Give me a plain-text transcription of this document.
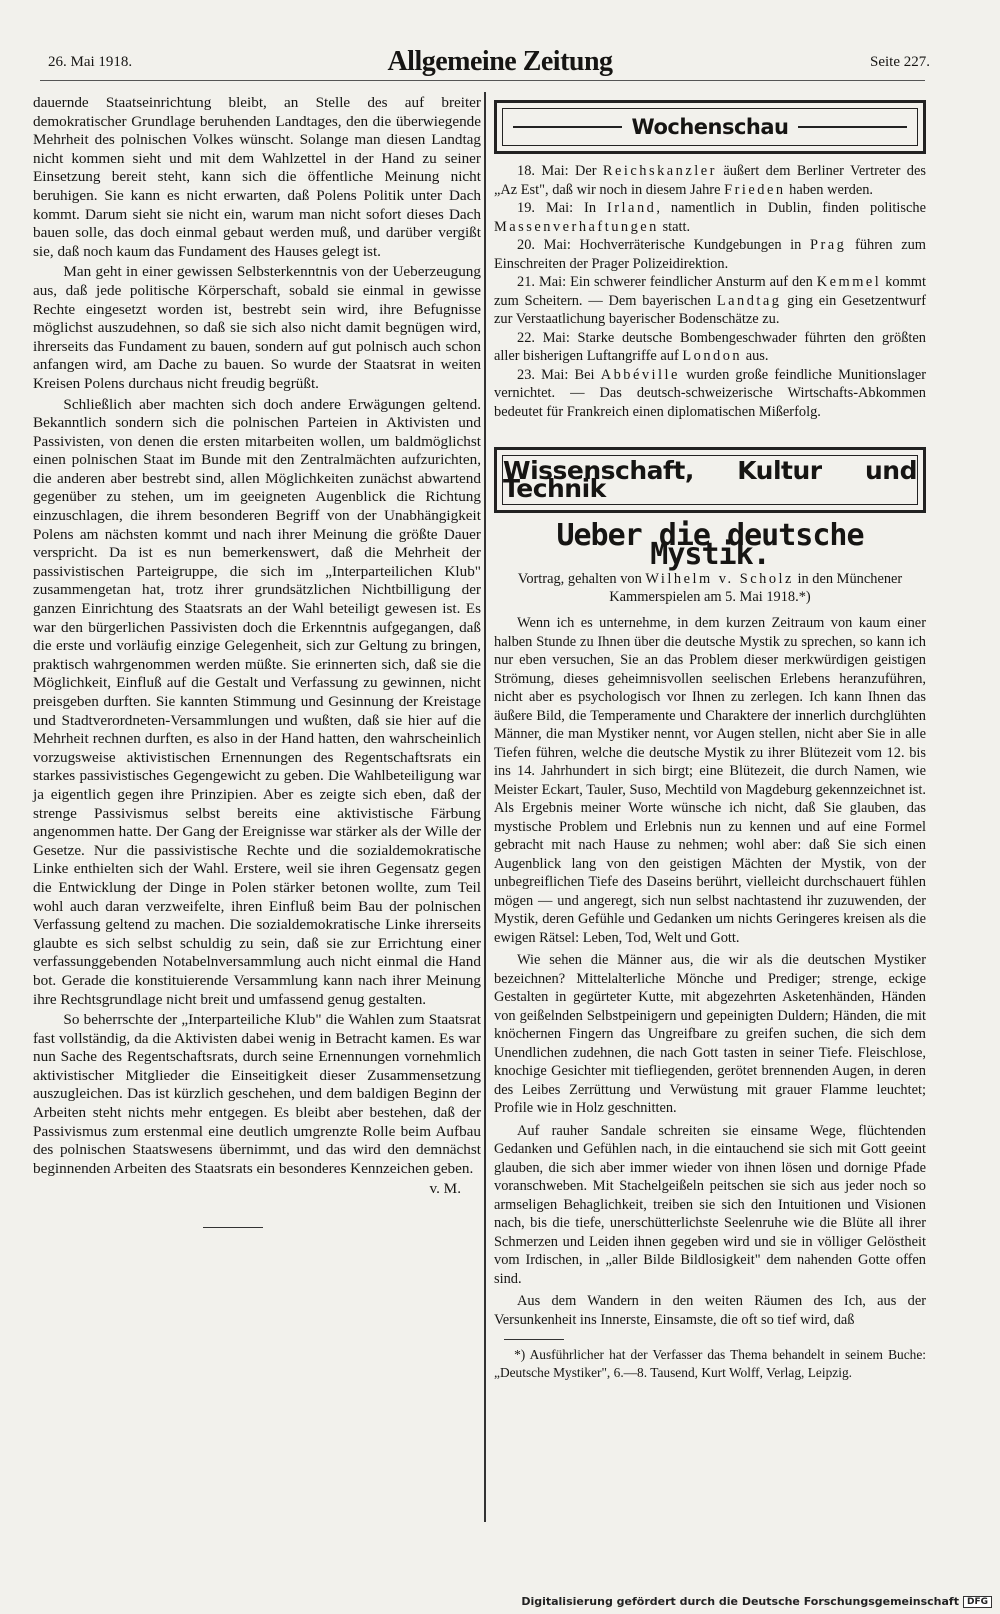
26. Mai 1918.	Allgemeine Zeitung	Seite 227.

dauernde Staatseinrichtung bleibt, an Stelle des auf breiter demokratischer Grundlage beruhenden Landtages, den die überwiegende Mehrheit des polnischen Volkes wünscht. Solange man diesen Landtag nicht kommen sieht und mit dem Wahlzettel in der Hand zu seiner Einsetzung bereit steht, kann sich die öffentliche Meinung nicht beruhigen. Sie kann es nicht erwarten, daß Polens Politik unter Dach kommt. Darum sieht sie nicht ein, warum man nicht sofort dieses Dach bauen solle, das doch einmal gebaut werden muß, und darüber vergißt sie, daß noch kaum das Fundament des Hauses gelegt ist.

Man geht in einer gewissen Selbsterkenntnis von der Ueberzeugung aus, daß jede politische Körperschaft, sobald sie einmal in gewisse Rechte eingesetzt worden ist, bestrebt sein wird, ihre Befugnisse möglichst auszudehnen, so daß sie sich also nicht damit begnügen wird, ihrerseits das Fundament zu bauen, sondern auf gut polnisch auch schon anfangen wird, am Dache zu bauen. So wurde der Staatsrat in weiten Kreisen Polens durchaus nicht freudig begrüßt.

Schließlich aber machten sich doch andere Erwägungen geltend. Bekanntlich sondern sich die polnischen Parteien in Aktivisten und Passivisten, von denen die ersten mitarbeiten wollen, um baldmöglichst einen polnischen Staat im Bunde mit den Zentralmächten aufzurichten, die anderen aber bestrebt sind, allen Möglichkeiten zunächst abwartend gegenüber zu stehen, um im geeigneten Augenblick die Richtung einzuschlagen, die ihrem besonderen Begriff von der Unabhängigkeit Polens am nächsten kommt und nach ihrer Meinung die größte Dauer verspricht. Da ist es nun bemerkenswert, daß die Mehrheit der passivistischen Parteigruppe, die sich im „Interparteilichen Klub" zusammengetan hat, trotz ihrer grundsätzlichen Nichtbilligung der ganzen Einrichtung des Staatsrats an der Wahl beteiligt gewesen ist. Es war den bürgerlichen Passivisten doch die Erkenntnis aufgegangen, daß die erste und vorläufig einzige Gelegenheit, sich zur Geltung zu bringen, praktisch wahrgenommen werden müßte. Sie erinnerten sich, daß sie die Möglichkeit, Einfluß auf die Gestalt und Verfassung zu gewinnen, nicht preisgeben durften. Sie kannten Stimmung und Gesinnung der Kreistage und Stadtverordneten-Versammlungen und wußten, daß sie hier auf die Mehrheit rechnen durften, es also in der Hand hatten, den wahrscheinlich vorzugsweise aktivistischen Ernennungen des Regentschaftsrats ein starkes passivistisches Gegengewicht zu geben. Die Wahlbeteiligung war ja eigentlich gegen ihre Prinzipien. Aber es zeigte sich eben, daß der strenge Passivismus selbst bereits eine aktivistische Färbung angenommen hatte. Der Gang der Ereignisse war stärker als der Wille der Gesetze. Nur die passivistische Rechte und die sozialdemokratische Linke enthielten sich der Wahl. Erstere, weil sie ihren Gegensatz gegen die Entwicklung der Dinge in Polen stärker betonen wollte, zum Teil wohl auch daran verzweifelte, ihren Einfluß beim Bau der polnischen Verfassung geltend zu machen. Die sozialdemokratische Linke ihrerseits glaubte es sich selbst schuldig zu sein, daß sie zur Errichtung einer verfassunggebenden Notabelnversammlung auch nicht einmal die Hand bot. Gerade die konstituierende Versammlung kann nach ihrer Meinung ihre Rechtsgrundlage nicht breit und umfassend genug gestalten.

So beherrschte der „Interparteiliche Klub" die Wahlen zum Staatsrat fast vollständig, da die Aktivisten dabei wenig in Betracht kamen. Es war nun Sache des Regentschaftsrats, durch seine Ernennungen vornehmlich aktivistischer Mitglieder die Einseitigkeit dieser Zusammensetzung auszugleichen. Das ist kürzlich geschehen, und dem baldigen Beginn der Arbeiten steht nichts mehr entgegen. Es bleibt aber bestehen, daß der Passivismus zum erstenmal eine deutlich umgrenzte Rolle beim Aufbau des polnischen Staatswesens übernimmt, und das wird den demnächst beginnenden Arbeiten des Staatsrats ein besonderes Kennzeichen geben.

v. M.

Wochenschau

18. Mai: Der Reichskanzler äußert dem Berliner Vertreter des „Az Est", daß wir noch in diesem Jahre Frieden haben werden.

19. Mai: In Irland, namentlich in Dublin, finden politische Massenverhaftungen statt.

20. Mai: Hochverräterische Kundgebungen in Prag führen zum Einschreiten der Prager Polizeidirektion.

21. Mai: Ein schwerer feindlicher Ansturm auf den Kemmel kommt zum Scheitern. — Dem bayerischen Landtag ging ein Gesetzentwurf zur Verstaatlichung bayerischer Bodenschätze zu.

22. Mai: Starke deutsche Bombengeschwader führten den größten aller bisherigen Luftangriffe auf London aus.

23. Mai: Bei Abbéville wurden große feindliche Munitionslager vernichtet. — Das deutsch-schweizerische Wirtschafts-Abkommen bedeutet für Frankreich einen diplomatischen Mißerfolg.

Wissenschaft, Kultur und Technik
Ueber die deutsche Mystik.
Vortrag, gehalten von Wilhelm v. Scholz in den Münchener Kammerspielen am 5. Mai 1918.*)

Wenn ich es unternehme, in dem kurzen Zeitraum von kaum einer halben Stunde zu Ihnen über die deutsche Mystik zu sprechen, so kann ich nur eben versuchen, Sie an das Problem dieser merkwürdigen geistigen Strömung, dieses geheimnisvollen seelischen Erlebens heranzuführen, nicht aber es psychologisch vor Ihnen zu zerlegen. Ich kann Ihnen das äußere Bild, die Temperamente und Charaktere der innerlich durchglühten Männer, die man Mystiker nennt, vor Augen stellen, nicht aber Sie in alle Tiefen führen, welche die deutsche Mystik zu ihrer Blütezeit vom 12. bis ins 14. Jahrhundert in sich birgt; eine Blütezeit, die durch Namen, wie Meister Eckart, Tauler, Suso, Mechtild von Magdeburg gekennzeichnet ist. Als Ergebnis meiner Worte wünsche ich nicht, daß Sie glauben, das mystische Problem und Erlebnis nun zu kennen und auf eine Formel gebracht mit nach Hause zu nehmen; wohl aber: daß Sie sich einen Augenblick lang von den geistigen Mächten der Mystik, von der unbegreiflichen Tiefe des Daseins berührt, vielleicht durchschauert fühlen mögen — und angeregt, sich nun selbst nachtastend ihr zuzuwenden, der Mystik, deren Gefühle und Gedanken um nichts Geringeres kreisen als die ewigen Rätsel: Leben, Tod, Welt und Gott.

Wie sehen die Männer aus, die wir als die deutschen Mystiker bezeichnen? Mittelalterliche Mönche und Prediger; strenge, eckige Gestalten in gegürteter Kutte, mit abgezehrten Asketenhänden, Händen von geißelnden Selbstpeinigern und gepeinigten Duldern; Händen, die mit knöchernen Fingern das Ungreifbare zu greifen suchen, die sich dem Unendlichen zudehnen, die nach Gott tasten in seiner Tiefe. Fleischlose, knochige Gesichter mit tiefliegenden, gerötet brennenden Augen, in deren des Leibes Zerrüttung und Verwüstung mit grauer Flamme leuchtet; Profile wie in Holz geschnitten.

Auf rauher Sandale schreiten sie einsame Wege, flüchtenden Gedanken und Gefühlen nach, in die eintauchend sie sich mit Gott geeint glauben, die sich aber immer wieder von ihnen lösen und dornige Pfade voranschweben. Mit Stachelgeißeln peitschen sie sich aus jeder noch so armseligen Behaglichkeit, treiben sie sich den Intuitionen und Visionen nach, bis die tiefe, unerschütterlichste Seelenruhe wie die Blüte all ihrer Schmerzen und Leiden ihnen gegeben wird und sie in völliger Gelöstheit vom Irdischen, in „aller Bilde Bildlosigkeit" dem nahenden Gotte offen sind.

Aus dem Wandern in den weiten Räumen des Ich, aus der Versunkenheit ins Innerste, Einsamste, die oft so tief wird, daß

*) Ausführlicher hat der Verfasser das Thema behandelt in seinem Buche: „Deutsche Mystiker", 6.—8. Tausend, Kurt Wolff, Verlag, Leipzig.

Digitalisierung gefördert durch die Deutsche Forschungsgemeinschaft DFG
